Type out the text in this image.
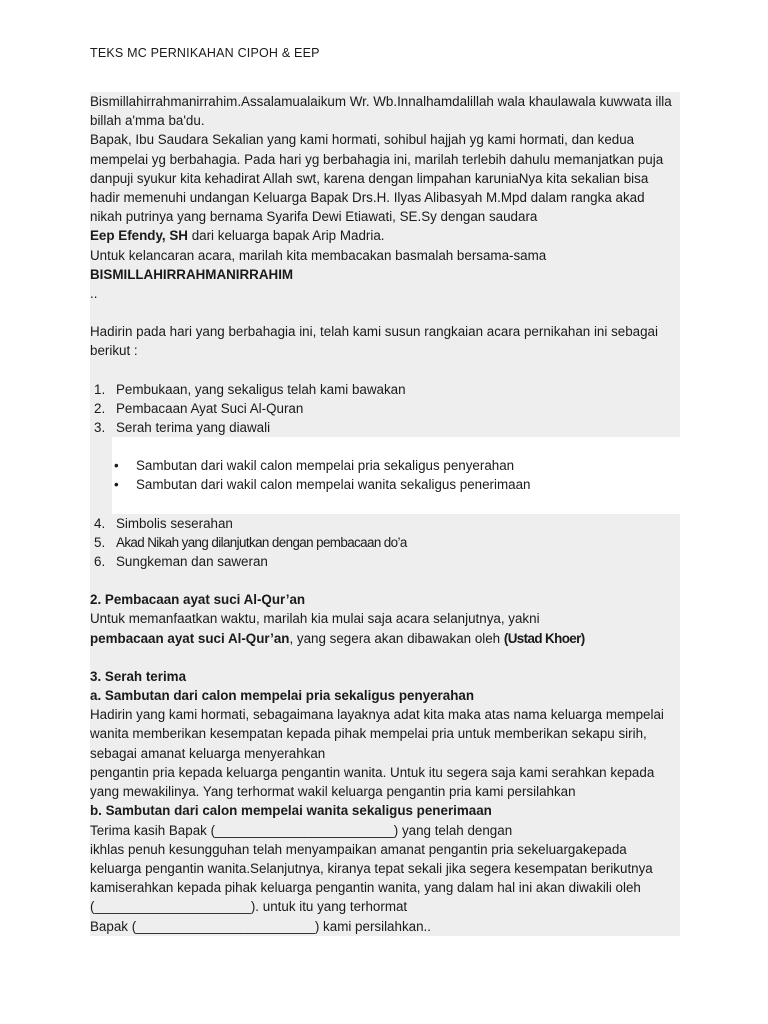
TEKS MC PERNIKAHAN CIPOH & EEP

Bismillahirrahmanirrahim.Assalamualaikum Wr. Wb.Innalhamdalillah wala khaulawala kuwwata illa billah a'mma ba'du.

Bapak, Ibu Saudara Sekalian yang kami hormati, sohibul hajjah yg kami hormati, dan kedua mempelai yg berbahagia. Pada hari yg berbahagia ini, marilah terlebih dahulu memanjatkan puja danpuji syukur kita kehadirat Allah swt, karena dengan limpahan karuniaNya kita sekalian bisa hadir memenuhi undangan Keluarga Bapak Drs.H. Ilyas Alibasyah M.Mpd dalam rangka akad nikah putrinya yang bernama Syarifa Dewi Etiawati, SE.Sy dengan saudara

Eep Efendy, SH dari keluarga bapak Arip Madria.

Untuk kelancaran acara, marilah kita membacakan basmalah bersama-sama

BISMILLAHIRRAHMANIRRAHIM

..

Hadirin pada hari yang berbahagia ini, telah kami susun rangkaian acara pernikahan ini sebagai berikut :

1. Pembukaan, yang sekaligus telah kami bawakan
2. Pembacaan Ayat Suci Al-Quran
3. Serah terima yang diawali
•	Sambutan dari wakil calon mempelai pria sekaligus penyerahan
•	Sambutan dari wakil calon mempelai wanita sekaligus penerimaan
4. Simbolis seserahan
5. Akad Nikah yang dilanjutkan dengan pembacaan do’a
6. Sungkeman dan saweran

2. Pembacaan ayat suci Al-Qur’an

Untuk memanfaatkan waktu, marilah kia mulai saja acara selanjutnya, yakni

pembacaan ayat suci Al-Qur’an, yang segera akan dibawakan oleh (Ustad Khoer)

3. Serah terima

a. Sambutan dari calon mempelai pria sekaligus penyerahan

Hadirin yang kami hormati, sebagaimana layaknya adat kita maka atas nama keluarga mempelai wanita memberikan kesempatan kepada pihak mempelai pria untuk memberikan sekapu sirih, sebagai amanat keluarga menyerahkan

pengantin pria kepada keluarga pengantin wanita. Untuk itu segera saja kami serahkan kepada yang mewakilinya. Yang terhormat wakil keluarga pengantin pria kami persilahkan

b. Sambutan dari calon mempelai wanita sekaligus penerimaan

Terima kasih Bapak (________________________) yang telah dengan

ikhlas penuh kesungguhan telah menyampaikan amanat pengantin pria sekeluargakepada keluarga pengantin wanita.Selanjutnya, kiranya tepat sekali jika segera kesempatan berikutnya kamiserahkan kepada pihak keluarga pengantin wanita, yang dalam hal ini akan diwakili oleh

(_____________________). untuk itu yang terhormat

Bapak (________________________) kami persilahkan..
